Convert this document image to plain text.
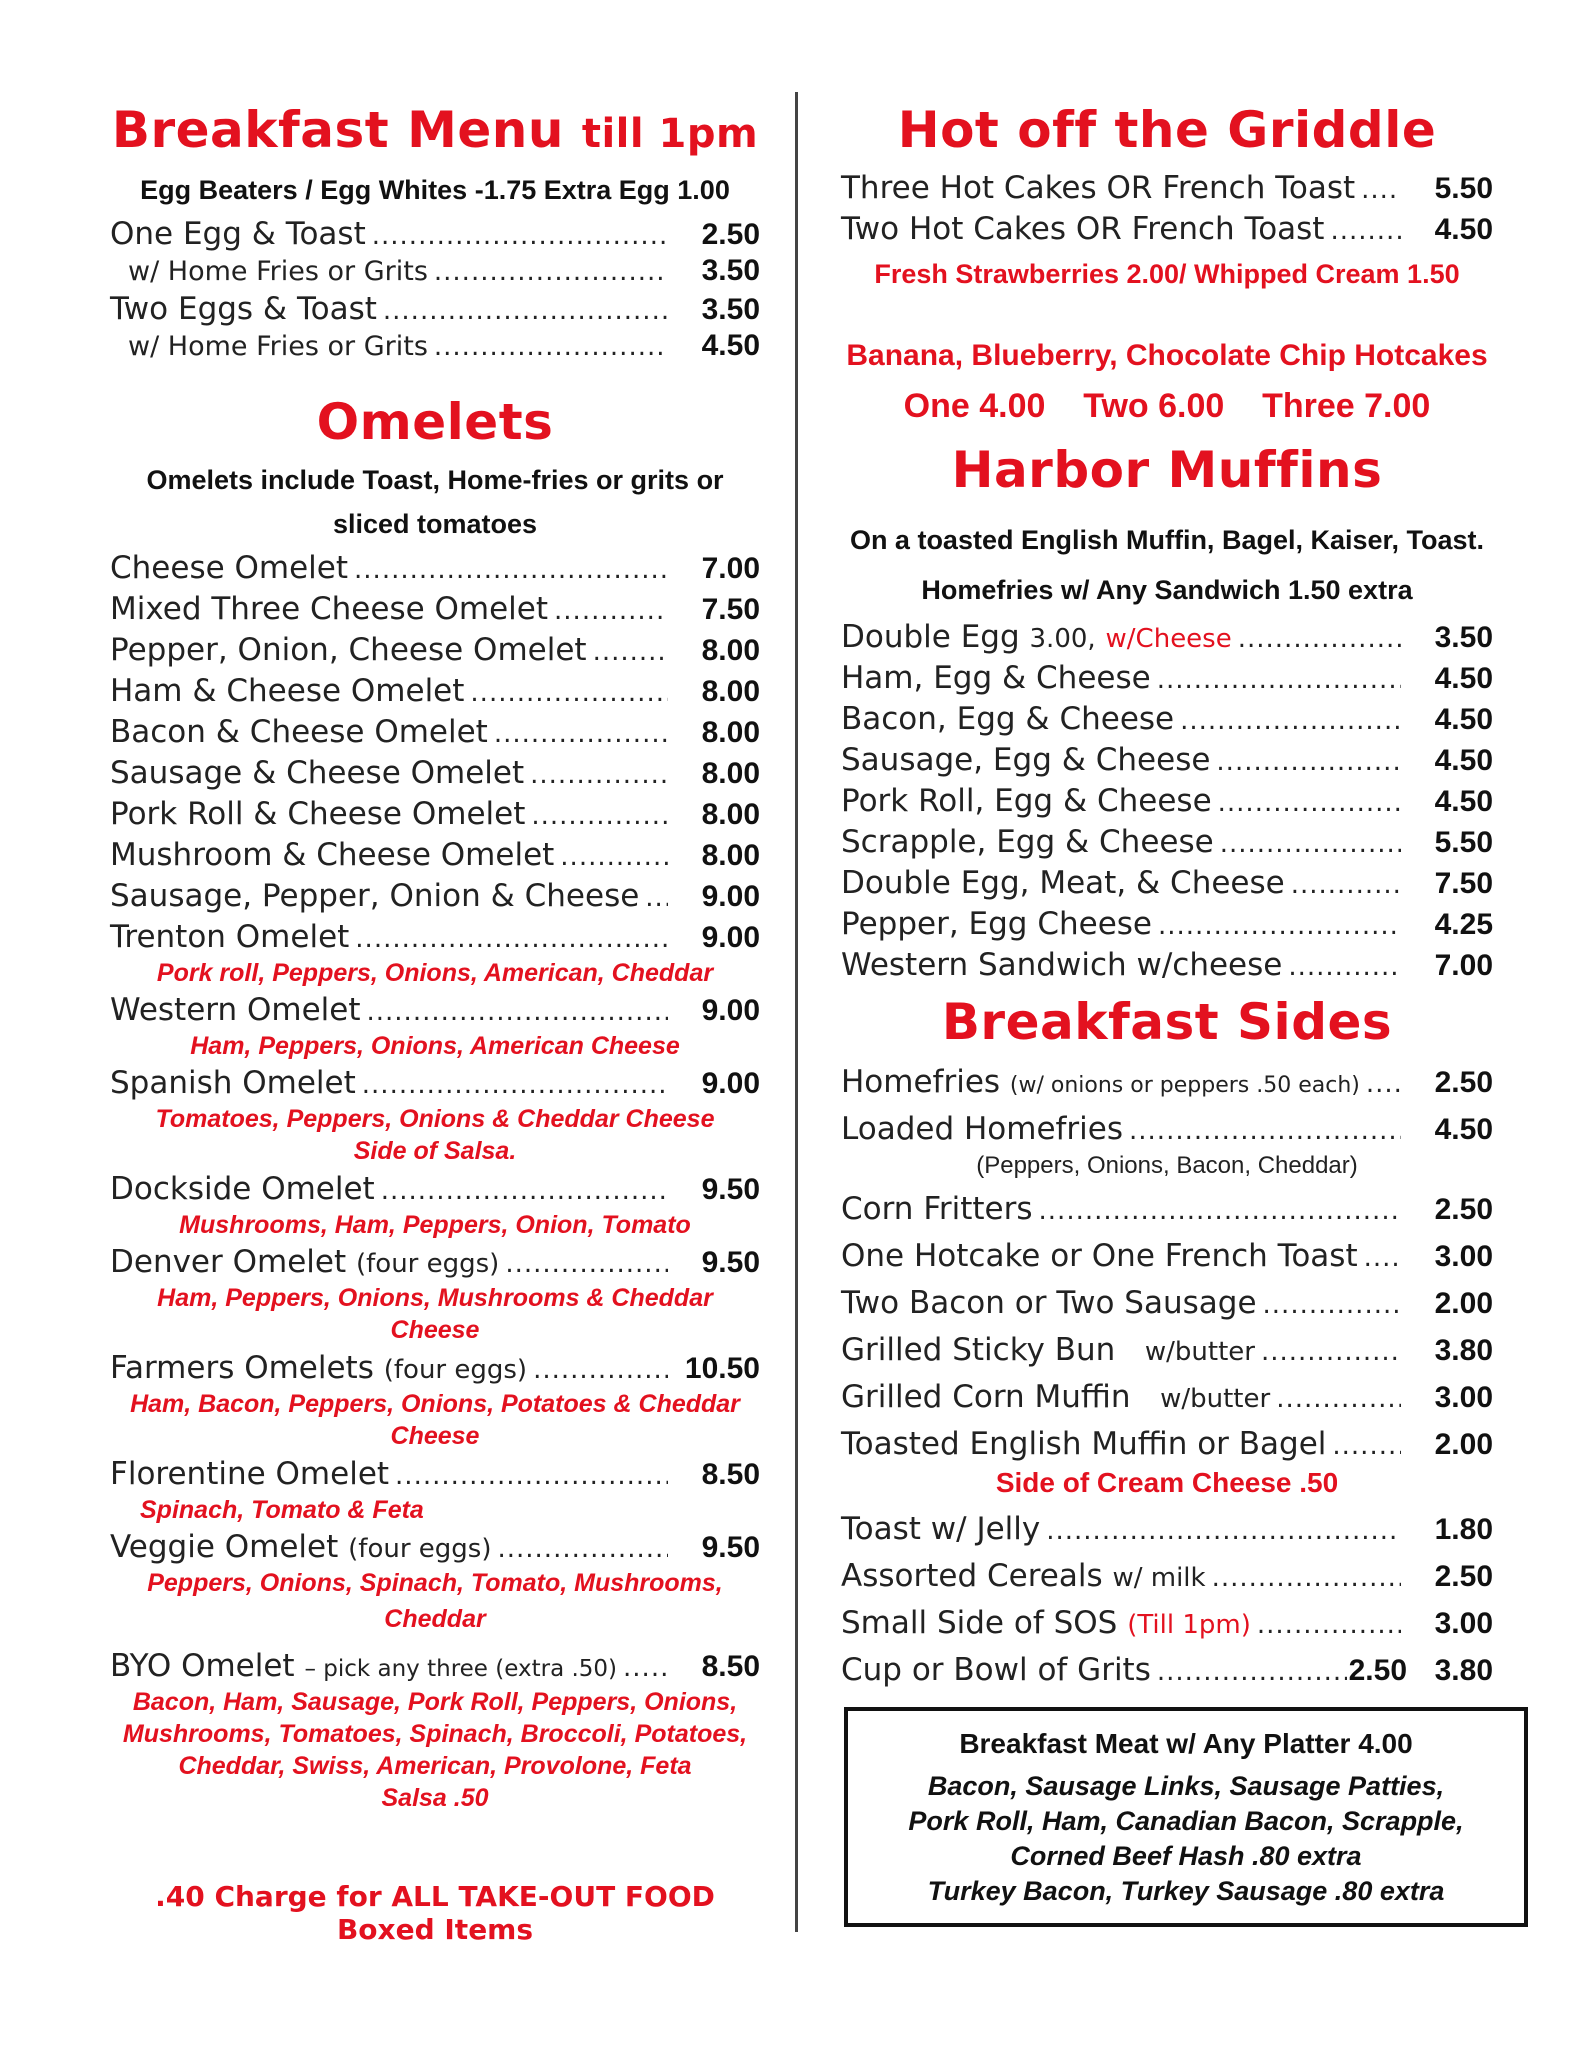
Breakfast Menu till 1pm
Egg Beaters / Egg Whites -1.75 Extra Egg 1.00
One Egg & Toast .....	2.50
w/ Home Fries or Grits .....	3.50
Two Eggs & Toast .....	3.50
w/ Home Fries or Grits .....	4.50
Omelets
Omelets include Toast, Home-fries or grits or
sliced tomatoes
Cheese Omelet .....	7.00
Mixed Three Cheese Omelet .....	7.50
Pepper, Onion, Cheese Omelet .....	8.00
Ham & Cheese Omelet .....	8.00
Bacon & Cheese Omelet .....	8.00
Sausage & Cheese Omelet .....	8.00
Pork Roll & Cheese Omelet .....	8.00
Mushroom & Cheese Omelet .....	8.00
Sausage, Pepper, Onion & Cheese .....	9.00
Trenton Omelet .....	9.00
Pork roll, Peppers, Onions, American, Cheddar
Western Omelet .....	9.00
Ham, Peppers, Onions, American Cheese
Spanish Omelet .....	9.00
Tomatoes, Peppers, Onions & Cheddar Cheese
Side of Salsa.
Dockside Omelet .....	9.50
Mushrooms, Ham, Peppers, Onion, Tomato
Denver Omelet
(four eggs) .....	9.50
Ham, Peppers, Onions, Mushrooms & Cheddar
Cheese
Farmers Omelets
(four eggs) .....	10.50
Ham, Bacon, Peppers, Onions, Potatoes & Cheddar
Cheese
Florentine Omelet .....	8.50
Spinach, Tomato & Feta
Veggie Omelet
(four eggs) .....	9.50
Peppers, Onions, Spinach, Tomato, Mushrooms,
Cheddar
BYO Omelet
– pick any three (extra .50) .....	8.50
Bacon, Ham, Sausage, Pork Roll, Peppers, Onions,
Mushrooms, Tomatoes, Spinach, Broccoli, Potatoes,
Cheddar, Swiss, American, Provolone, Feta
Salsa .50
.40 Charge for ALL TAKE-OUT FOOD Boxed Items
Hot off the Griddle
Three Hot Cakes OR French Toast .....	5.50
Two Hot Cakes OR French Toast .....	4.50
Fresh Strawberries 2.00/ Whipped Cream 1.50
Banana, Blueberry, Chocolate Chip Hotcakes
One 4.00 Two 6.00 Three 7.00
Harbor Muffins
On a toasted English Muffin, Bagel, Kaiser, Toast.
Homefries w/ Any Sandwich 1.50 extra
Double Egg
3.00,
w/Cheese .....	3.50
Ham, Egg & Cheese .....	4.50
Bacon, Egg & Cheese .....	4.50
Sausage, Egg & Cheese .....	4.50
Pork Roll, Egg & Cheese .....	4.50
Scrapple, Egg & Cheese .....	5.50
Double Egg, Meat, & Cheese .....	7.50
Pepper, Egg Cheese .....	4.25
Western Sandwich w/cheese .....	7.00
Breakfast Sides
Homefries
(w/ onions or peppers .50 each) .....	2.50
Loaded Homefries .....	4.50
(Peppers, Onions, Bacon, Cheddar)
Corn Fritters .....	2.50
One Hotcake or One French Toast .....	3.00
Two Bacon or Two Sausage .....	2.00
Grilled Sticky Bun
w/butter .....	3.80
Grilled Corn Muffin
w/butter .....	3.00
Toasted English Muffin or Bagel .....	2.00
Side of Cream Cheese .50
Toast w/ Jelly .....	1.80
Assorted Cereals
w/ milk .....	2.50
Small Side of SOS
(Till 1pm) .....	3.00
Cup or Bowl of Grits .....	2.50 3.80
Breakfast Meat w/ Any Platter 4.00
Bacon, Sausage Links, Sausage Patties,
Pork Roll, Ham, Canadian Bacon, Scrapple,
Corned Beef Hash .80 extra
Turkey Bacon, Turkey Sausage .80 extra
